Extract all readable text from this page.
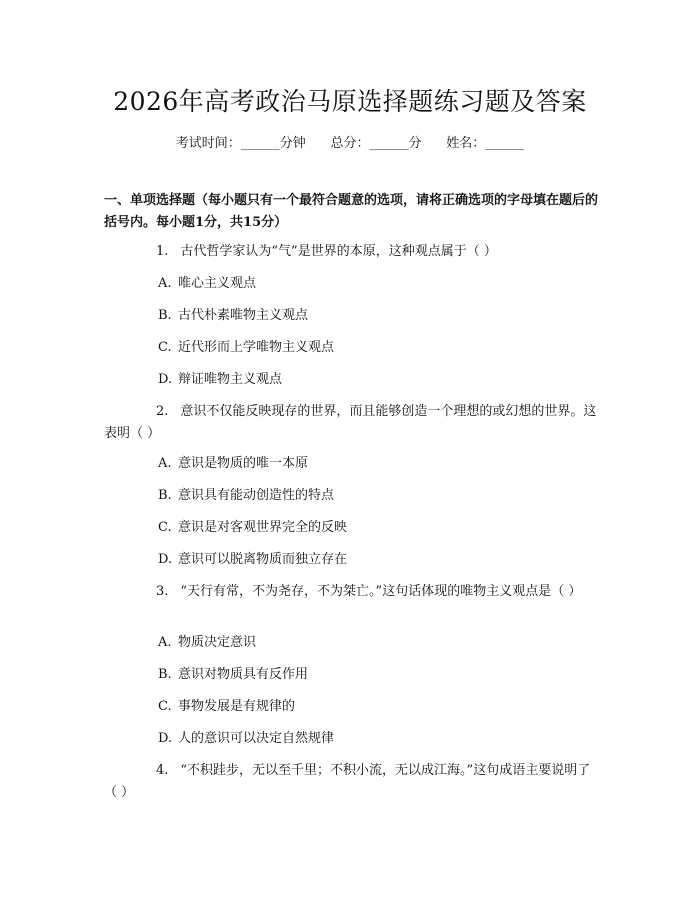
2026年高考政治马原选择题练习题及答案
考试时间：______分钟      总分：______分      姓名：______
一、单项选择题（每小题只有一个最符合题意的选项，请将正确选项的字母填在题后的括号内。每小题1分，共15分）
1. 古代哲学家认为“气”是世界的本原，这种观点属于（ ）
A. 唯心主义观点
B. 古代朴素唯物主义观点
C. 近代形而上学唯物主义观点
D. 辩证唯物主义观点
2. 意识不仅能反映现存的世界，而且能够创造一个理想的或幻想的世界。这表明（ ）
A. 意识是物质的唯一本原
B. 意识具有能动创造性的特点
C. 意识是对客观世界完全的反映
D. 意识可以脱离物质而独立存在
3. “天行有常，不为尧存，不为桀亡。”这句话体现的唯物主义观点是（ ）
A. 物质决定意识
B. 意识对物质具有反作用
C. 事物发展是有规律的
D. 人的意识可以决定自然规律
4. “不积跬步，无以至千里；不积小流，无以成江海。”这句成语主要说明了（ ）
